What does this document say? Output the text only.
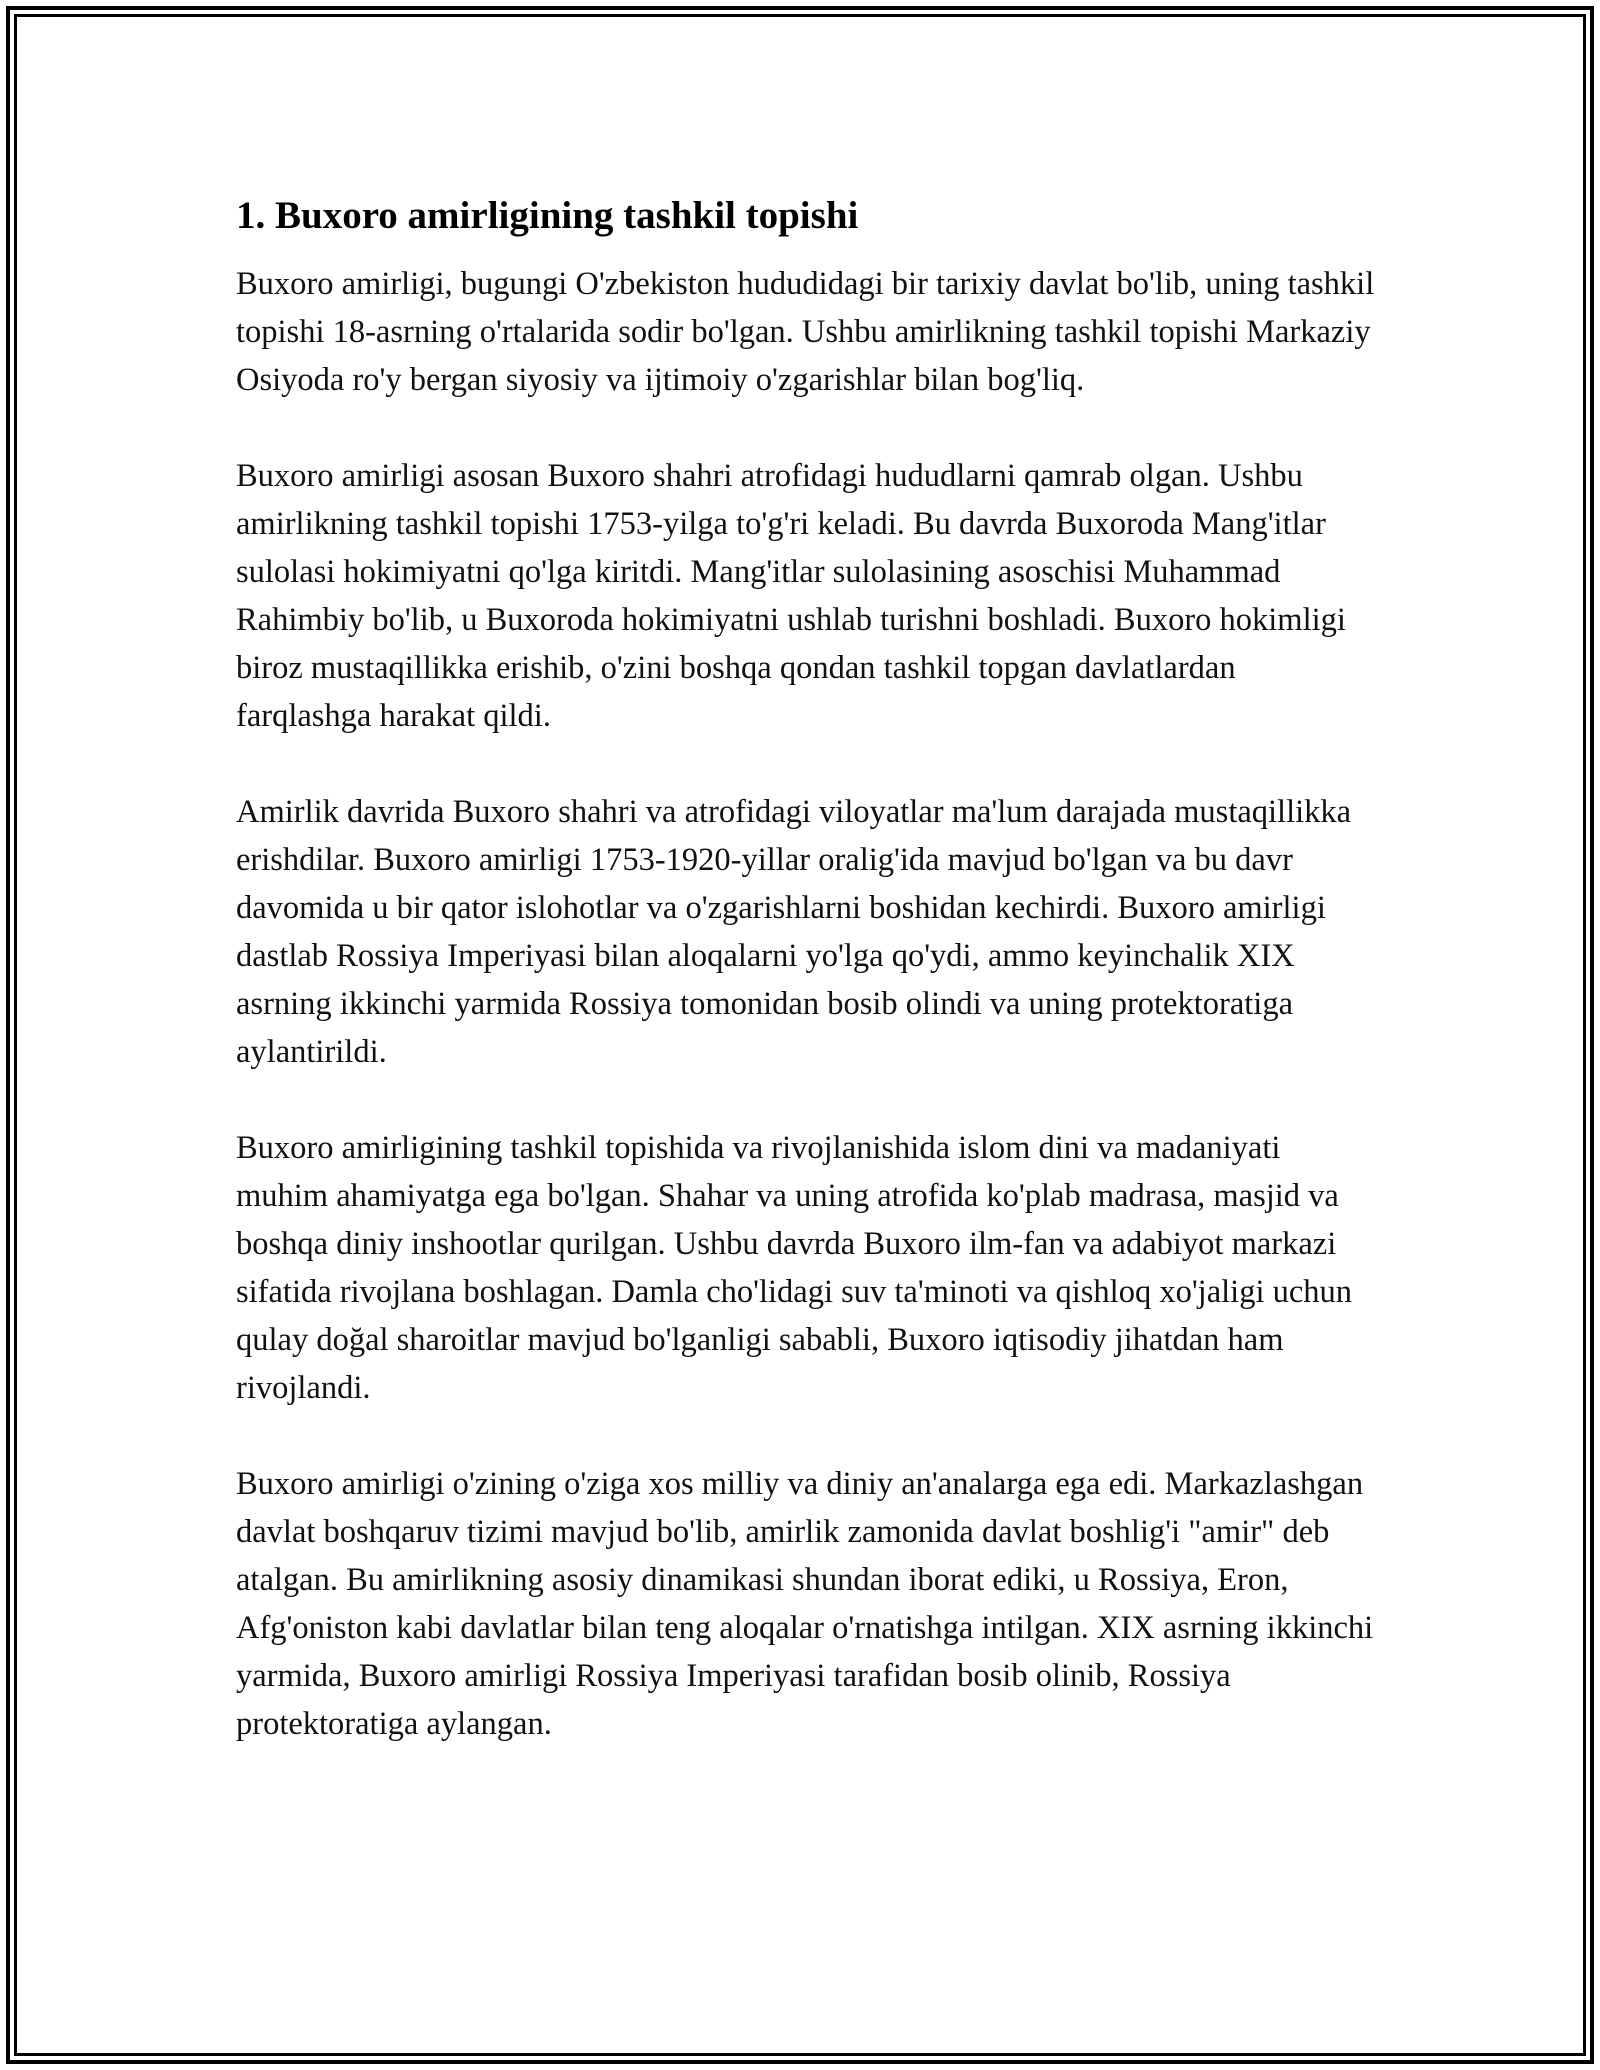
1. Buxoro amirligining tashkil topishi

Buxoro amirligi, bugungi O'zbekiston hududidagi bir tarixiy davlat bo'lib, uning tashkil topishi 18-asrning o'rtalarida sodir bo'lgan. Ushbu amirlikning tashkil topishi Markaziy Osiyoda ro'y bergan siyosiy va ijtimoiy o'zgarishlar bilan bog'liq.

Buxoro amirligi asosan Buxoro shahri atrofidagi hududlarni qamrab olgan. Ushbu amirlikning tashkil topishi 1753-yilga to'g'ri keladi. Bu davrda Buxoroda Mang'itlar sulolasi hokimiyatni qo'lga kiritdi. Mang'itlar sulolasining asoschisi Muhammad Rahimbiy bo'lib, u Buxoroda hokimiyatni ushlab turishni boshladi. Buxoro hokimligi biroz mustaqillikka erishib, o'zini boshqa qondan tashkil topgan davlatlardan farqlashga harakat qildi.

Amirlik davrida Buxoro shahri va atrofidagi viloyatlar ma'lum darajada mustaqillikka erishdilar. Buxoro amirligi 1753-1920-yillar oralig'ida mavjud bo'lgan va bu davr davomida u bir qator islohotlar va o'zgarishlarni boshidan kechirdi. Buxoro amirligi dastlab Rossiya Imperiyasi bilan aloqalarni yo'lga qo'ydi, ammo keyinchalik XIX asrning ikkinchi yarmida Rossiya tomonidan bosib olindi va uning protektoratiga aylantirildi.

Buxoro amirligining tashkil topishida va rivojlanishida islom dini va madaniyati muhim ahamiyatga ega bo'lgan. Shahar va uning atrofida ko'plab madrasa, masjid va boshqa diniy inshootlar qurilgan. Ushbu davrda Buxoro ilm-fan va adabiyot markazi sifatida rivojlana boshlagan. Damla cho'lidagi suv ta'minoti va qishloq xo'jaligi uchun qulay doğal sharoitlar mavjud bo'lganligi sababli, Buxoro iqtisodiy jihatdan ham rivojlandi.

Buxoro amirligi o'zining o'ziga xos milliy va diniy an'analarga ega edi. Markazlashgan davlat boshqaruv tizimi mavjud bo'lib, amirlik zamonida davlat boshlig'i "amir" deb atalgan. Bu amirlikning asosiy dinamikasi shundan iborat ediki, u Rossiya, Eron, Afg'oniston kabi davlatlar bilan teng aloqalar o'rnatishga intilgan. XIX asrning ikkinchi yarmida, Buxoro amirligi Rossiya Imperiyasi tarafidan bosib olinib, Rossiya protektoratiga aylangan.
